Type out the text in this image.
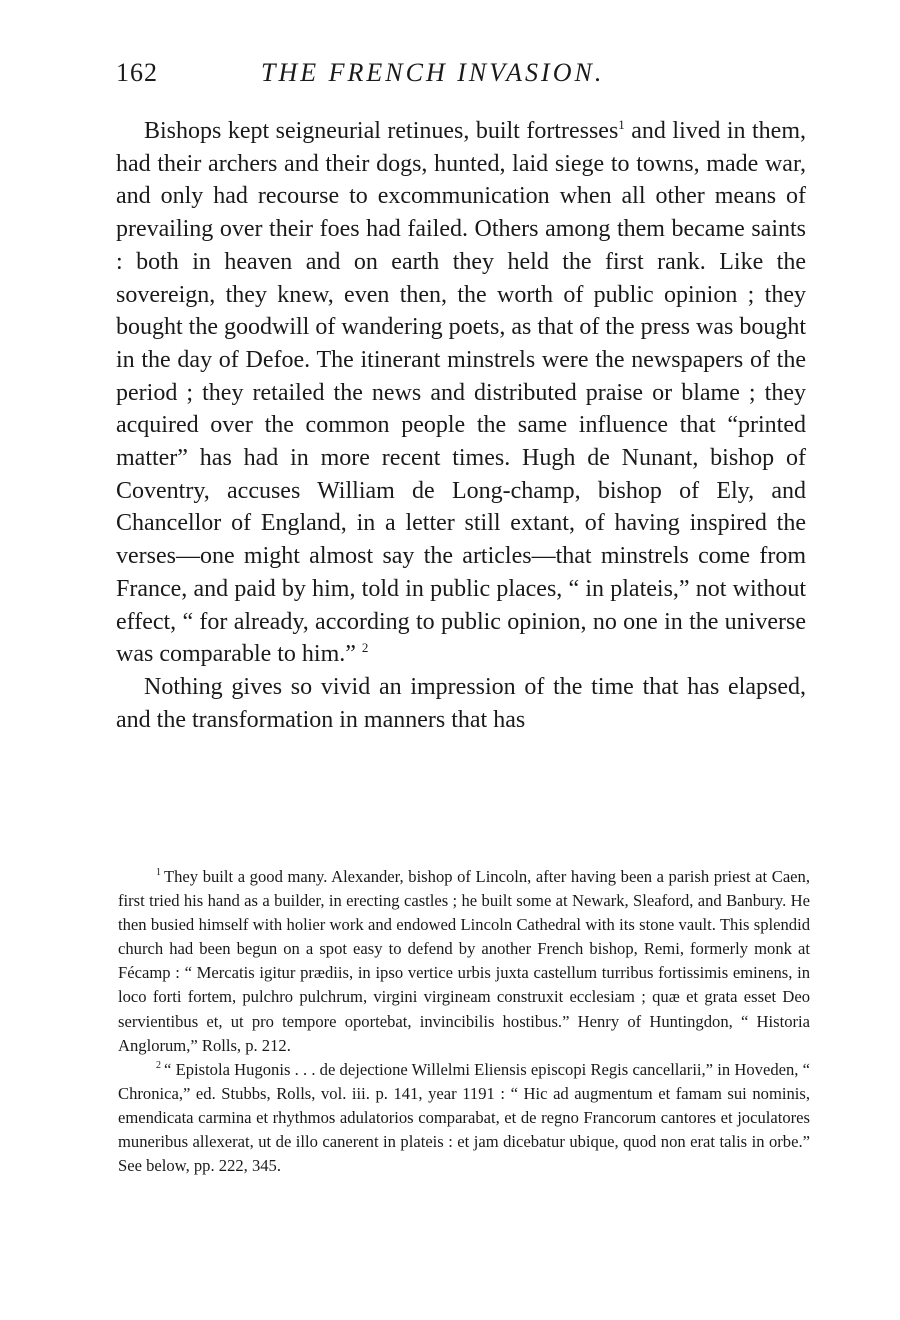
162	THE FRENCH INVASION.

Bishops kept seigneurial retinues, built fortresses$^1$ and lived in them, had their archers and their dogs, hunted, laid siege to towns, made war, and only had recourse to excommunication when all other means of prevailing over their foes had failed. Others among them became saints : both in heaven and on earth they held the first rank. Like the sovereign, they knew, even then, the worth of public opinion ; they bought the goodwill of wandering poets, as that of the press was bought in the day of Defoe. The itinerant minstrels were the newspapers of the period ; they retailed the news and distributed praise or blame ; they acquired over the common people the same influence that “printed matter” has had in more recent times. Hugh de Nunant, bishop of Coventry, accuses William de Long-champ, bishop of Ely, and Chancellor of England, in a letter still extant, of having inspired the verses—one might almost say the articles—that minstrels come from France, and paid by him, told in public places, “ in plateis,” not without effect, “ for already, according to public opinion, no one in the universe was comparable to him.” $^2$

Nothing gives so vivid an impression of the time that has elapsed, and the transformation in manners that has

$^1$ They built a good many. Alexander, bishop of Lincoln, after having been a parish priest at Caen, first tried his hand as a builder, in erecting castles ; he built some at Newark, Sleaford, and Banbury. He then busied himself with holier work and endowed Lincoln Cathedral with its stone vault. This splendid church had been begun on a spot easy to defend by another French bishop, Remi, formerly monk at Fécamp : “ Mercatis igitur prædiis, in ipso vertice urbis juxta castellum turribus fortissimis eminens, in loco forti fortem, pulchro pulchrum, virgini virgineam construxit ecclesiam ; quæ et grata esset Deo servientibus et, ut pro tempore oportebat, invincibilis hostibus.” Henry of Huntingdon, “ Historia Anglorum,” Rolls, p. 212.

$^2$ “ Epistola Hugonis . . . de dejectione Willelmi Eliensis episcopi Regis cancellarii,” in Hoveden, “ Chronica,” ed. Stubbs, Rolls, vol. iii. p. 141, year 1191 : “ Hic ad augmentum et famam sui nominis, emendicata carmina et rhythmos adulatorios comparabat, et de regno Francorum cantores et joculatores muneribus allexerat, ut de illo canerent in plateis : et jam dicebatur ubique, quod non erat talis in orbe.” See below, pp. 222, 345.
